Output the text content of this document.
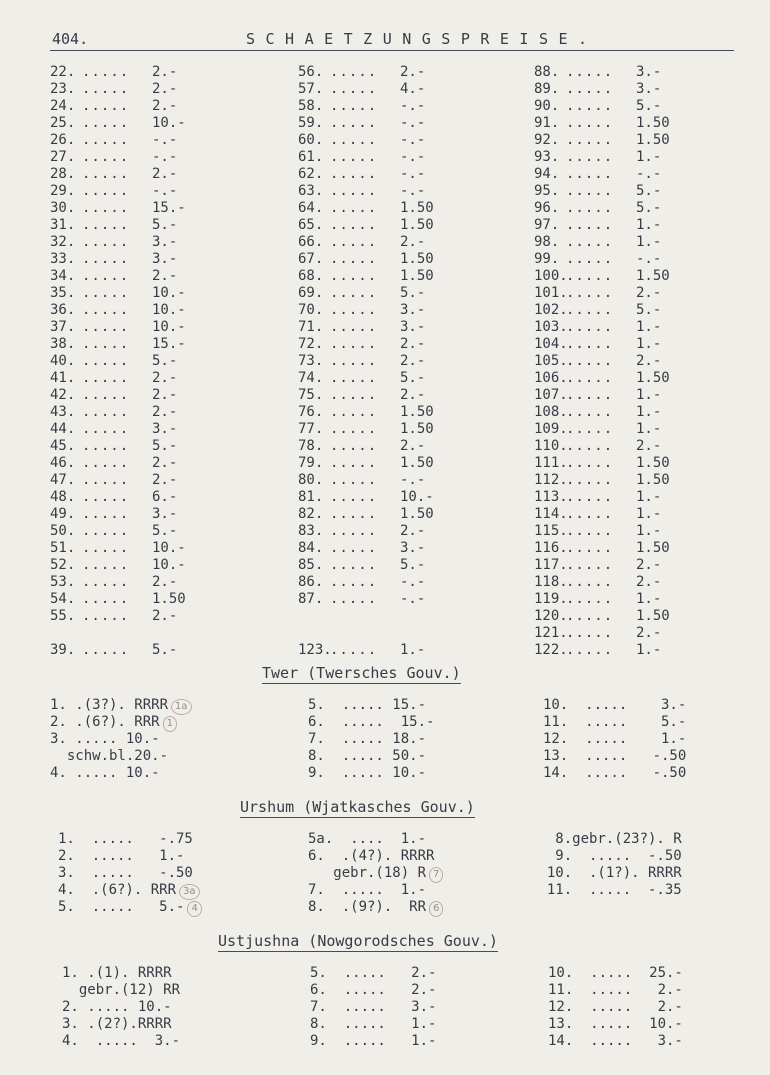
404.	SCHAETZUNGSPREISE.
22. ..... 2.-
23. ..... 2.-
24. ..... 2.-
25. ..... 10.-
26. ..... -.-
27. ..... -.-
28. ..... 2.-
29. ..... -.-
30. ..... 15.-
31. ..... 5.-
32. ..... 3.-
33. ..... 3.-
34. ..... 2.-
35. ..... 10.-
36. ..... 10.-
37. ..... 10.-
38. ..... 15.-
40. ..... 5.-
41. ..... 2.-
42. ..... 2.-
43. ..... 2.-
44. ..... 3.-
45. ..... 5.-
46. ..... 2.-
47. ..... 2.-
48. ..... 6.-
49. ..... 3.-
50. ..... 5.-
51. ..... 10.-
52. ..... 10.-
53. ..... 2.-
54. ..... 1.50
55. ..... 2.-
39. ..... 5.-
56. ..... 2.-
57. ..... 4.-
58. ..... -.-
59. ..... -.-
60. ..... -.-
61. ..... -.-
62. ..... -.-
63. ..... -.-
64. ..... 1.50
65. ..... 1.50
66. ..... 2.-
67. ..... 1.50
68. ..... 1.50
69. ..... 5.-
70. ..... 3.-
71. ..... 3.-
72. ..... 2.-
73. ..... 2.-
74. ..... 5.-
75. ..... 2.-
76. ..... 1.50
77. ..... 1.50
78. ..... 2.-
79. ..... 1.50
80. ..... -.-
81. ..... 10.-
82. ..... 1.50
83. ..... 2.-
84. ..... 3.-
85. ..... 5.-
86. ..... -.-
87. ..... -.-
123...... 1.-
88. ..... 3.-
89. ..... 3.-
90. ..... 5.-
91. ..... 1.50
92. ..... 1.50
93. ..... 1.-
94. ..... -.-
95. ..... 5.-
96. ..... 5.-
97. ..... 1.-
98. ..... 1.-
99. ..... -.-
100...... 1.50
101...... 2.-
102...... 5.-
103...... 1.-
104...... 1.-
105...... 2.-
106...... 1.50
107...... 1.-
108...... 1.-
109...... 1.-
110...... 2.-
111...... 1.50
112...... 1.50
113...... 1.-
114...... 1.-
115...... 1.-
116...... 1.50
117...... 2.-
118...... 2.-
119...... 1.-
120...... 1.50
121...... 2.-
122...... 1.-
Twer (Twersches Gouv.)
1. .(3?). RRRR 1a
2. .(6?). RRR 1
3. ..... 10.-
schw.bl.20.-
4. ..... 10.-
5.  ..... 15.-
6.  .....  15.-
7.  ..... 18.-
8.  ..... 50.-
9.  ..... 10.-
10.  .....    3.-
11.  .....    5.-
12.  .....    1.-
13.  .....   -.50
14.  .....   -.50
Urshum (Wjatkasches Gouv.)
1.  .....   -.75
2.  .....   1.-
3.  .....   -.50
4.  .(6?). RRR 3a
5.  .....   5.- 4
5a.  ....  1.-
6.  .(4?). RRRR
gebr.(18) R 7
7.  .....  1.-
8.  .(9?).  RR 6
8.gebr.(23?). R
9.  .....  -.50
10.  .(1?). RRRR
11.  .....  -.35
Ustjushna (Nowgorodsches Gouv.)
1. .(1). RRRR
gebr.(12) RR
2. ..... 10.-
3. .(2?).RRRR
4.  .....  3.-
5.  .....   2.-
6.  .....   2.-
7.  .....   3.-
8.  .....   1.-
9.  .....   1.-
10.  .....  25.-
11.  .....   2.-
12.  .....   2.-
13.  .....  10.-
14.  .....   3.-
